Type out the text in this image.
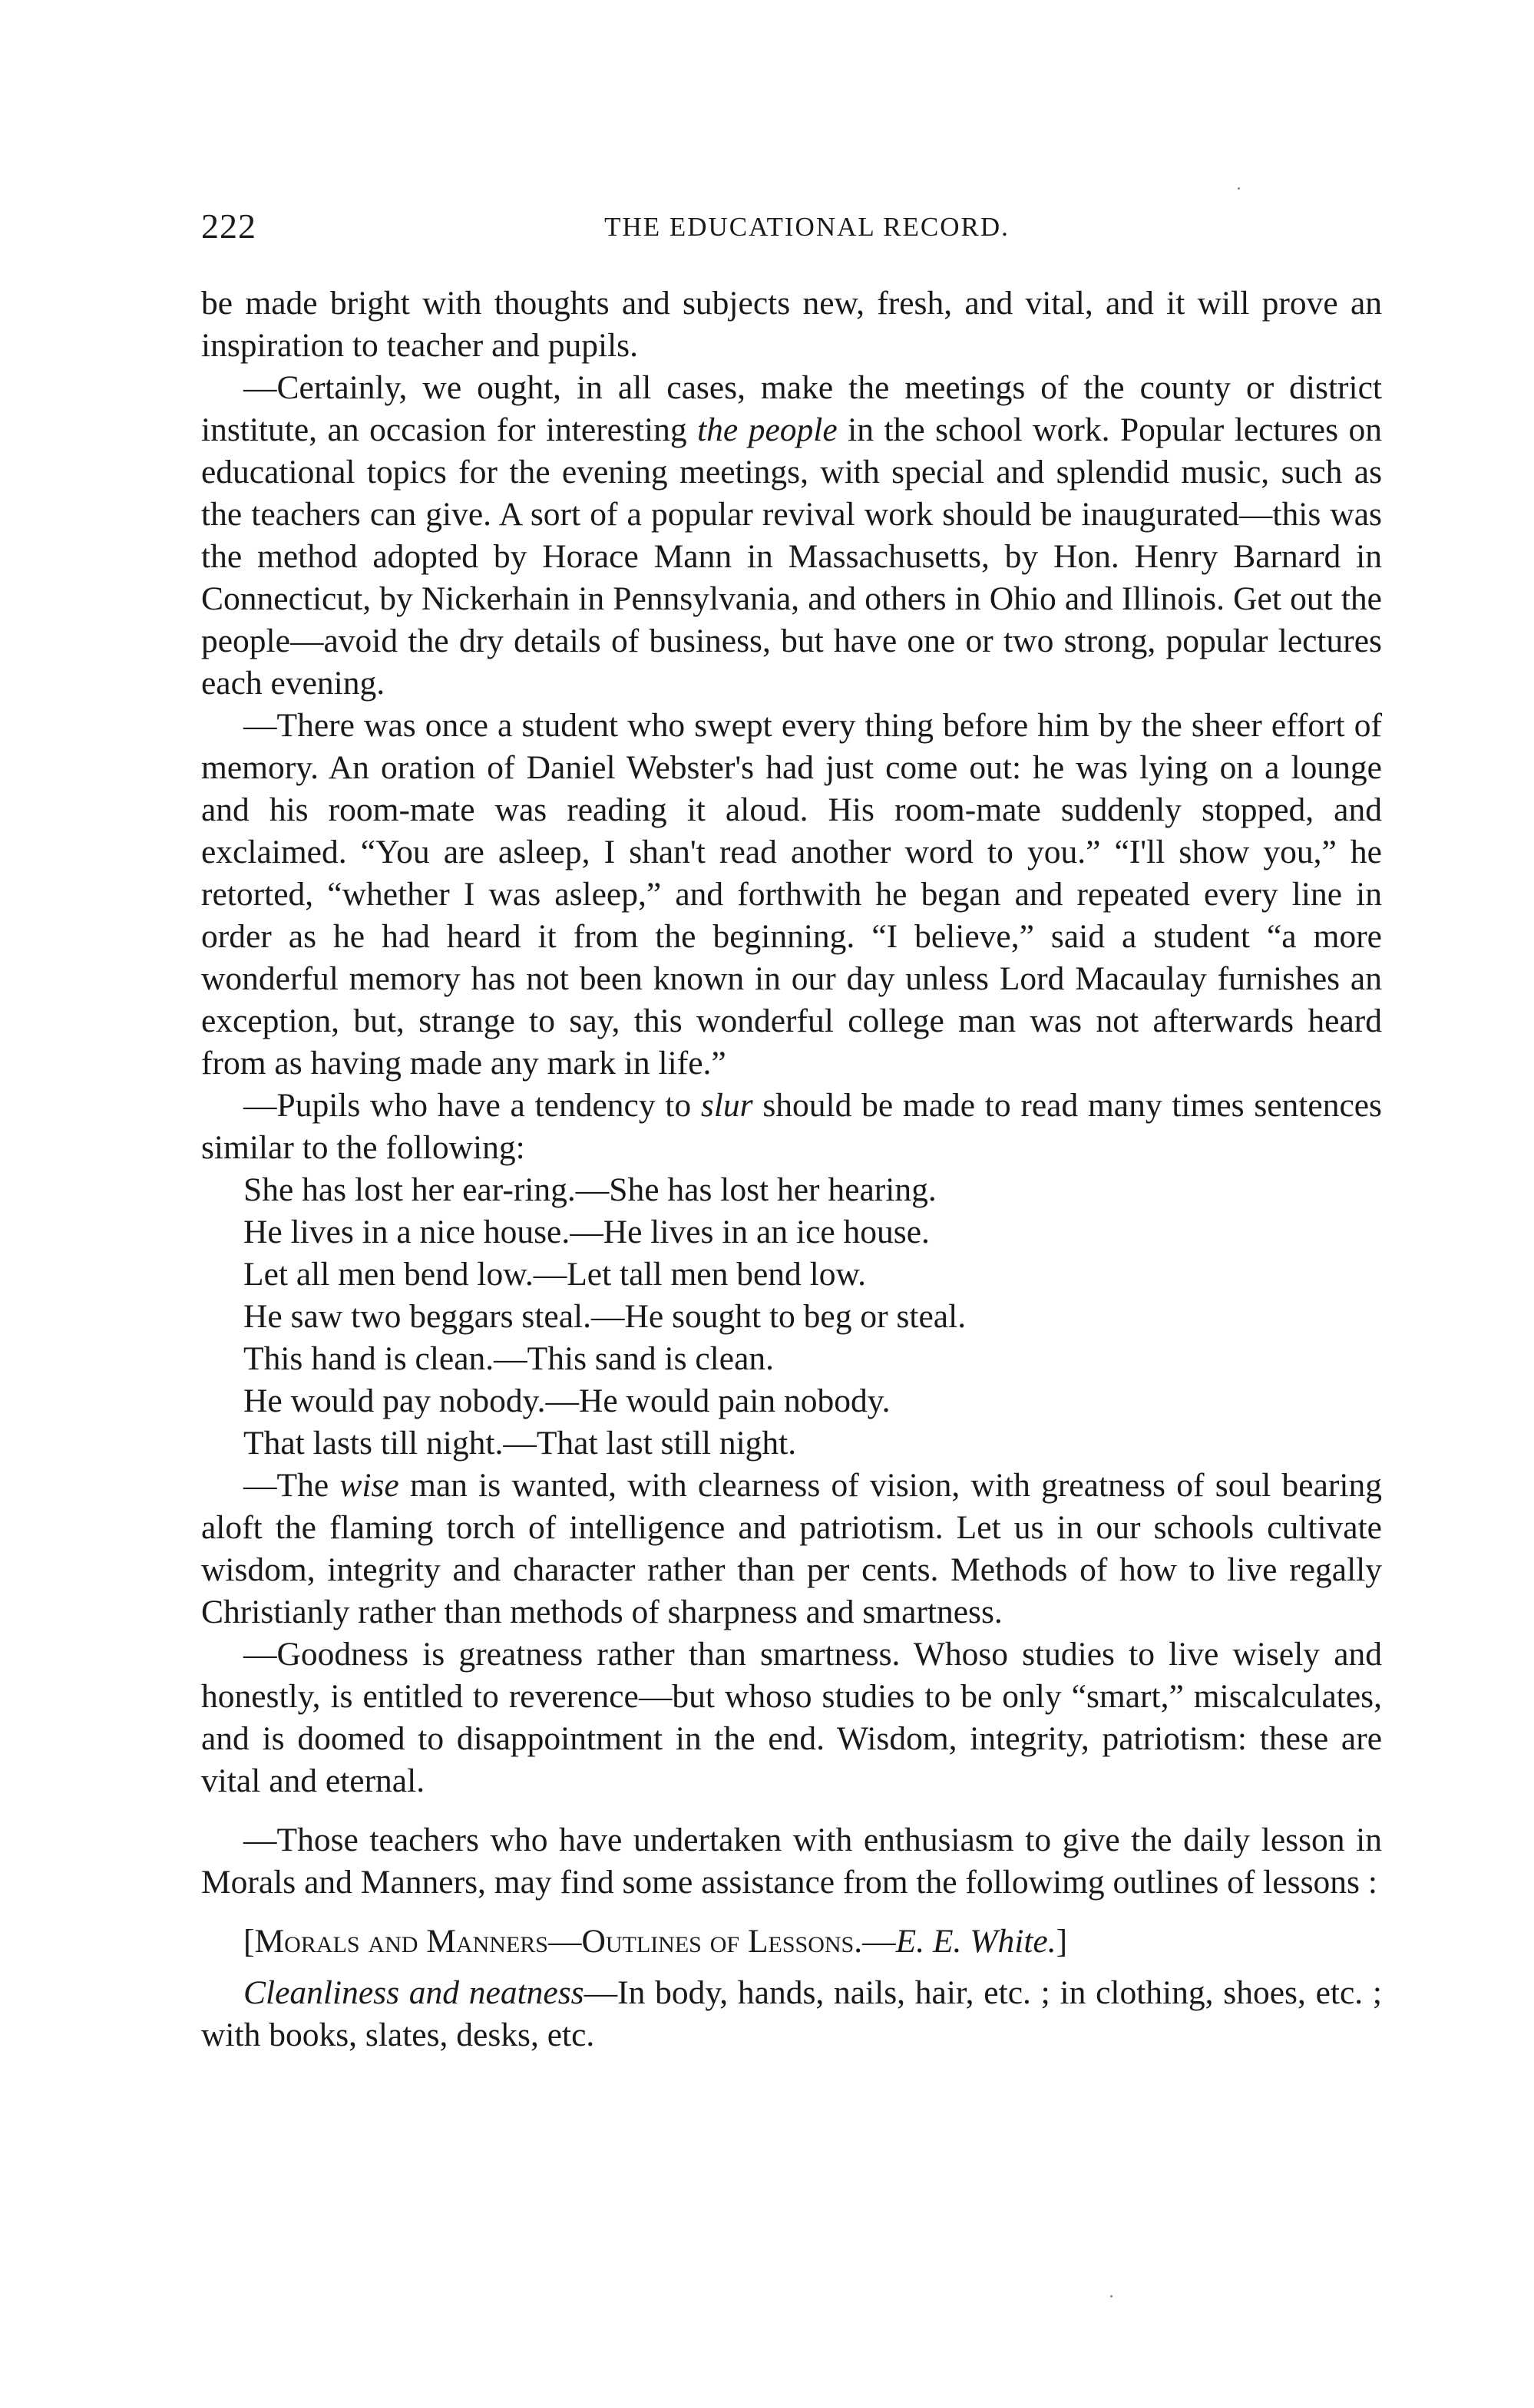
222	THE EDUCATIONAL RECORD.

be made bright with thoughts and subjects new, fresh, and vital, and it will prove an inspiration to teacher and pupils.

—Certainly, we ought, in all cases, make the meetings of the county or district institute, an occasion for interesting the people in the school work. Popular lectures on educational topics for the evening meetings, with special and splendid music, such as the teachers can give. A sort of a popular revival work should be inaugurated—this was the method adopted by Horace Mann in Massachusetts, by Hon. Henry Barnard in Connecticut, by Nickerhain in Pennsylvania, and others in Ohio and Illinois. Get out the people—avoid the dry details of business, but have one or two strong, popular lectures each evening.

—There was once a student who swept every thing before him by the sheer effort of memory. An oration of Daniel Webster's had just come out: he was lying on a lounge and his room-mate was reading it aloud. His room-mate suddenly stopped, and exclaimed. “You are asleep, I shan't read another word to you.” “I'll show you,” he retorted, “whether I was asleep,” and forthwith he began and repeated every line in order as he had heard it from the beginning. “I believe,” said a student “a more wonderful memory has not been known in our day unless Lord Macaulay furnishes an exception, but, strange to say, this wonderful college man was not afterwards heard from as having made any mark in life.”

—Pupils who have a tendency to slur should be made to read many times sentences similar to the following:

She has lost her ear-ring.—She has lost her hearing.

He lives in a nice house.—He lives in an ice house.

Let all men bend low.—Let tall men bend low.

He saw two beggars steal.—He sought to beg or steal.

This hand is clean.—This sand is clean.

He would pay nobody.—He would pain nobody.

That lasts till night.—That last still night.

—The wise man is wanted, with clearness of vision, with greatness of soul bearing aloft the flaming torch of intelligence and patriotism. Let us in our schools cultivate wisdom, integrity and character rather than per cents. Methods of how to live regally Christianly rather than methods of sharpness and smartness.

—Goodness is greatness rather than smartness. Whoso studies to live wisely and honestly, is entitled to reverence—but whoso studies to be only “smart,” miscalculates, and is doomed to disappointment in the end. Wisdom, integrity, patriotism: these are vital and eternal.

—Those teachers who have undertaken with enthusiasm to give the daily lesson in Morals and Manners, may find some assistance from the followimg outlines of lessons :

[Morals and Manners—Outlines of Lessons.—E. E. White.]

Cleanliness and neatness—In body, hands, nails, hair, etc. ; in clothing, shoes, etc. ; with books, slates, desks, etc.
